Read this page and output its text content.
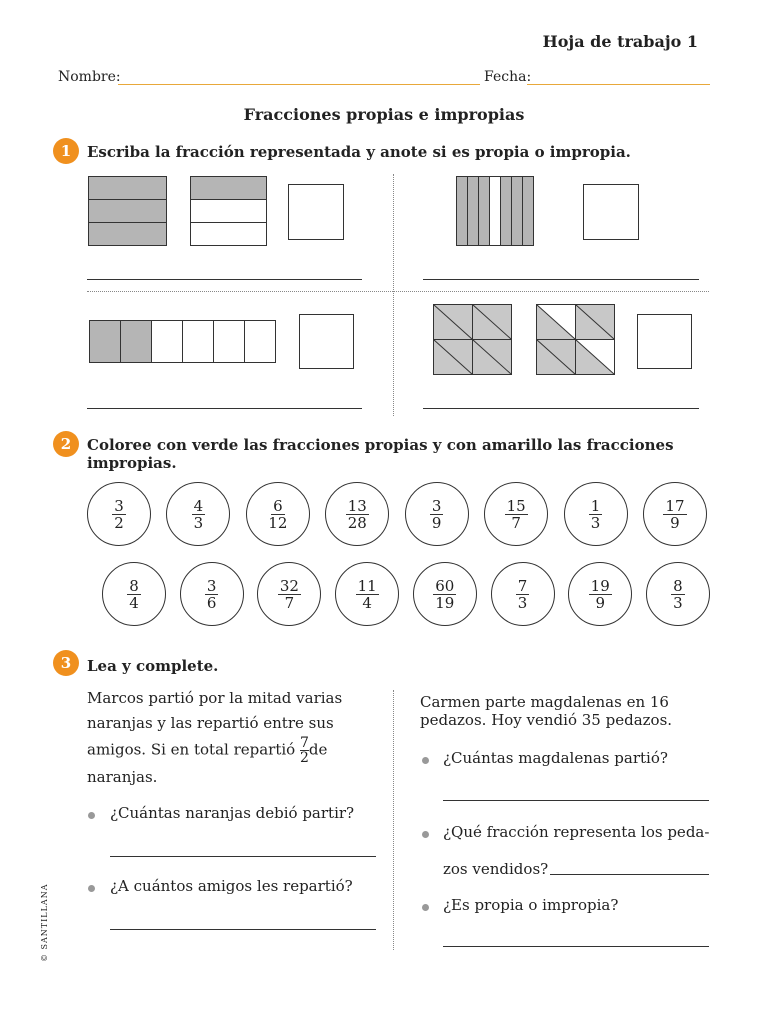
Hoja de trabajo 1
Nombre:	Fecha:
Fracciones propias e impropias
1	Escriba la fracción representada y anote si es propia o impropia.
2	Coloree con verde las fracciones propias y con amarillo las fracciones impropias.
$\frac{3}{2}$	$\frac{4}{3}$	$\frac{6}{12}$	$\frac{13}{28}$	$\frac{3}{9}$	$\frac{15}{7}$	$\frac{1}{3}$	$\frac{17}{9}$
$\frac{8}{4}$	$\frac{3}{6}$	$\frac{32}{7}$	$\frac{11}{4}$	$\frac{60}{19}$	$\frac{7}{3}$	$\frac{19}{9}$	$\frac{8}{3}$
3	Lea y complete.
Marcos partió por la mitad varias
naranjas y las repartió entre sus
amigos. Si en total repartió $\frac{7}{2}$ de
naranjas.
¿Cuántas naranjas debió partir?
¿A cuántos amigos les repartió?
Carmen parte magdalenas en 16
pedazos. Hoy vendió 35 pedazos.
¿Cuántas magdalenas partió?
¿Qué fracción representa los peda-
zos vendidos?
¿Es propia o impropia?
© SANTILLANA
